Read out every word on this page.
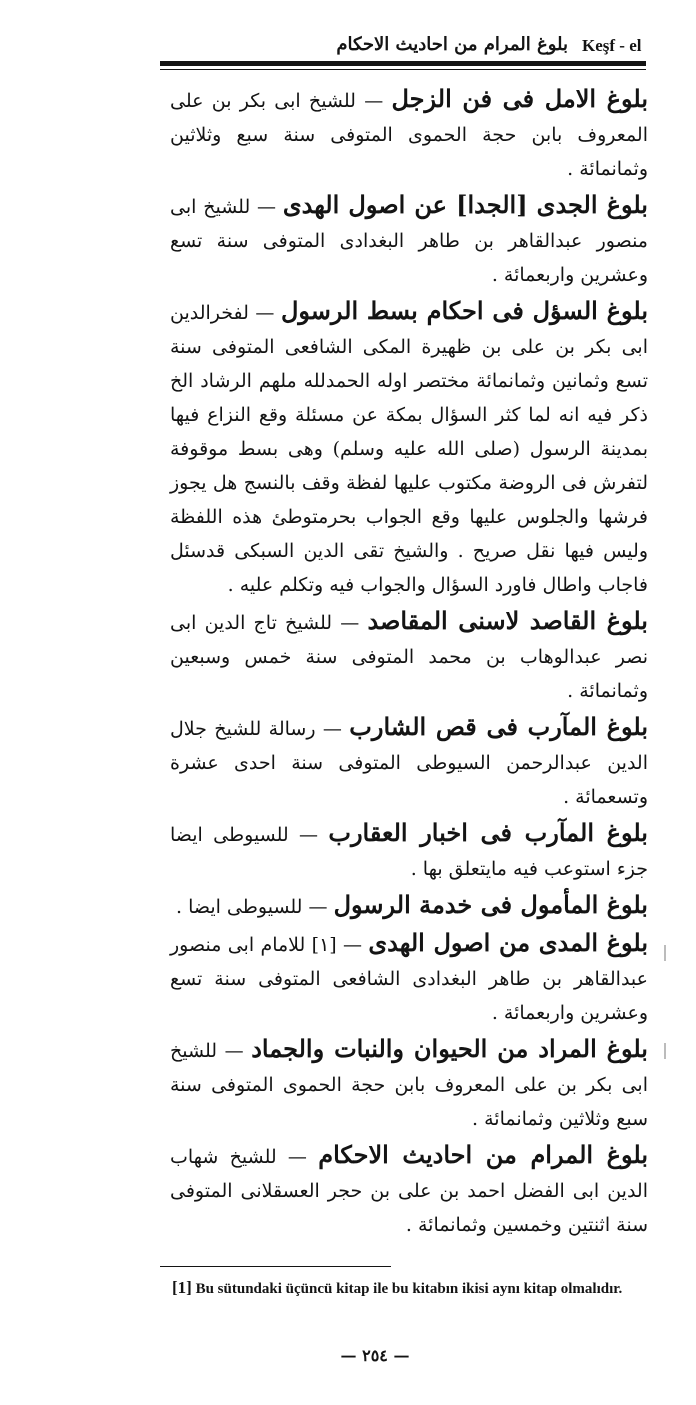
بلوغ المرام من احاديث الاحكام Keşf - el

بلوغ الامل فى فن الزجل — للشيخ ابى بكر بن على المعروف بابن حجة الحموى المتوفى سنة سبع وثلاثين وثمانمائة .

بلوغ الجدى [الجدا] عن اصول الهدى — للشيخ ابى منصور عبدالقاهر بن طاهر البغدادى المتوفى سنة تسع وعشرين واربعمائة .

بلوغ السؤل فى احكام بسط الرسول — لفخرالدين ابى بكر بن على بن ظهيرة المكى الشافعى المتوفى سنة تسع وثمانين وثمانمائة مختصر اوله الحمدلله ملهم الرشاد الخ ذكر فيه انه لما كثر السؤال بمكة عن مسئلة وقع النزاع فيها بمدينة الرسول (صلى الله عليه وسلم) وهى بسط موقوفة لتفرش فى الروضة مكتوب عليها لفظة وقف بالنسج هل يجوز فرشها والجلوس عليها وقع الجواب بحرمتوطئ هذه اللفظة وليس فيها نقل صريح . والشيخ تقى الدين السبكى قدسئل فاجاب واطال فاورد السؤال والجواب فيه وتكلم عليه .

بلوغ القاصد لاسنى المقاصد — للشيخ تاج الدين ابى نصر عبدالوهاب بن محمد المتوفى سنة خمس وسبعين وثمانمائة .

بلوغ المآرب فى قص الشارب — رسالة للشيخ جلال الدين عبدالرحمن السيوطى المتوفى سنة احدى عشرة وتسعمائة .

بلوغ المآرب فى اخبار العقارب — للسيوطى ايضا جزء استوعب فيه مايتعلق بها .

بلوغ المأمول فى خدمة الرسول — للسيوطى ايضا .

بلوغ المدى من اصول الهدى — [١] للامام ابى منصور عبدالقاهر بن طاهر البغدادى الشافعى المتوفى سنة تسع وعشرين واربعمائة .

بلوغ المراد من الحيوان والنبات والجماد — للشيخ ابى بكر بن على المعروف بابن حجة الحموى المتوفى سنة سبع وثلاثين وثمانمائة .

بلوغ المرام من احاديث الاحكام — للشيخ شهاب الدين ابى الفضل احمد بن على بن حجر العسقلانى المتوفى سنة اثنتين وخمسين وثمانمائة .

[1] Bu sütundaki üçüncü kitap ile bu kitabın ikisi aynı kitap olmalıdır.
— ٢٥٤ —
